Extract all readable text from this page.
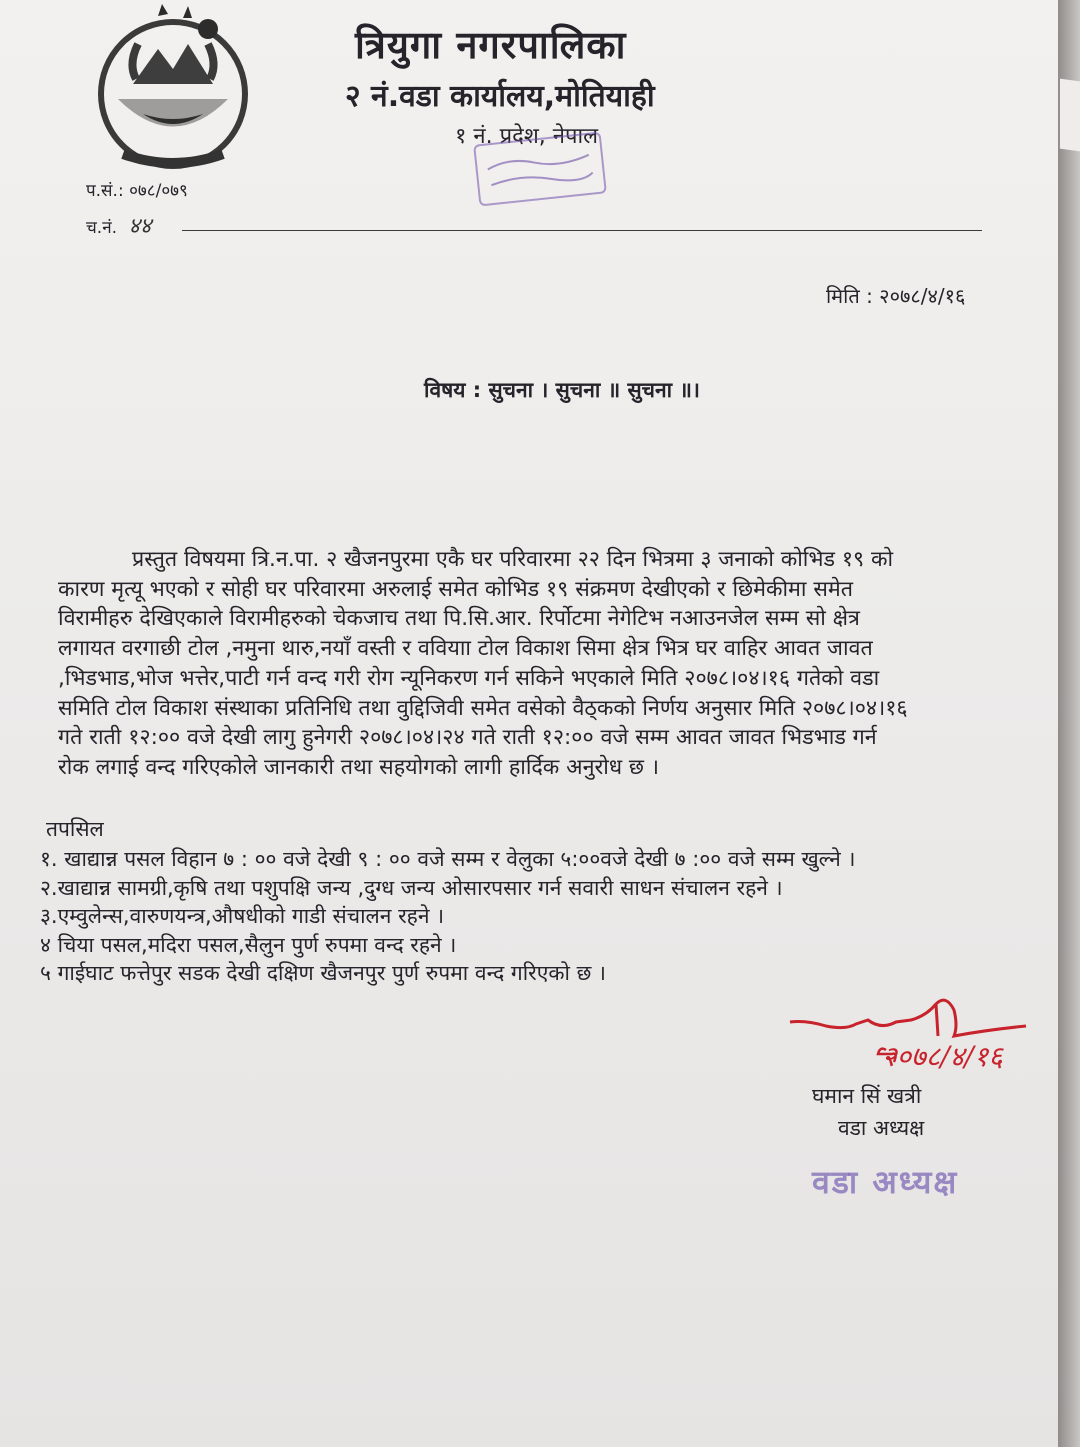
त्रियुगा नगरपालिका
२ नं.वडा कार्यालय,मोतियाही
१ नं. प्रदेश, नेपाल
प.सं.: ०७८/०७९
च.नं. ४४
मिति : २०७८/४/१६
विषय : सुचना । सुचना ॥ सुचना ॥।
प्रस्तुत विषयमा त्रि.न.पा. २ खैजनपुरमा एकै घर परिवारमा २२ दिन भित्रमा ३ जनाको कोभिड १९ को
कारण मृत्यू भएको र सोही घर परिवारमा अरुलाई समेत कोभिड १९ संक्रमण देखीएको र छिमेकीमा समेत
विरामीहरु देखिएकाले विरामीहरुको चेकजाच तथा पि.सि.आर. रिर्पोटमा नेगेटिभ नआउनजेल सम्म सो क्षेत्र
लगायत वरगाछी टोल ,नमुना थारु,नयाँ वस्ती र ववियाा टोल विकाश सिमा क्षेत्र भित्र घर वाहिर आवत जावत
,भिडभाड,भोज भत्तेर,पाटी गर्न वन्द गरी रोग न्यूनिकरण गर्न सकिने भएकाले मिति २०७८।०४।१६ गतेको वडा
समिति टोल विकाश संस्थाका प्रतिनिधि तथा वुद्दिजिवी समेत वसेको वैठ्कको निर्णय अनुसार मिति २०७८।०४।१६
गते राती १२:०० वजे देखी लागु हुनेगरी २०७८।०४।२४ गते राती १२:०० वजे सम्म आवत जावत भिडभाड गर्न
रोक लगाई वन्द गरिएकोले जानकारी तथा सहयोगको लागी हार्दिक अनुरोध छ ।
तपसिल
१. खाद्यान्न पसल विहान ७ : ०० वजे देखी ९ : ०० वजे सम्म र वेलुका ५:००वजे देखी ७ :०० वजे सम्म खुल्ने ।
२.खाद्यान्न सामग्री,कृषि तथा पशुपक्षि जन्य ,दुग्ध जन्य ओसारपसार गर्न सवारी साधन संचालन रहने ।
३.एम्वुलेन्स,वारुणयन्त्र,औषधीको गाडी संचालन रहने ।
४ चिया पसल,मदिरा पसल,सैलुन पुर्ण रुपमा वन्द रहने ।
५ गाईघाट फत्तेपुर सडक देखी दक्षिण खैजनपुर पुर्ण रुपमा वन्द गरिएको छ ।
२०७८/४/१६
घमान सिं खत्री
वडा अध्यक्ष
वडा अध्यक्ष
